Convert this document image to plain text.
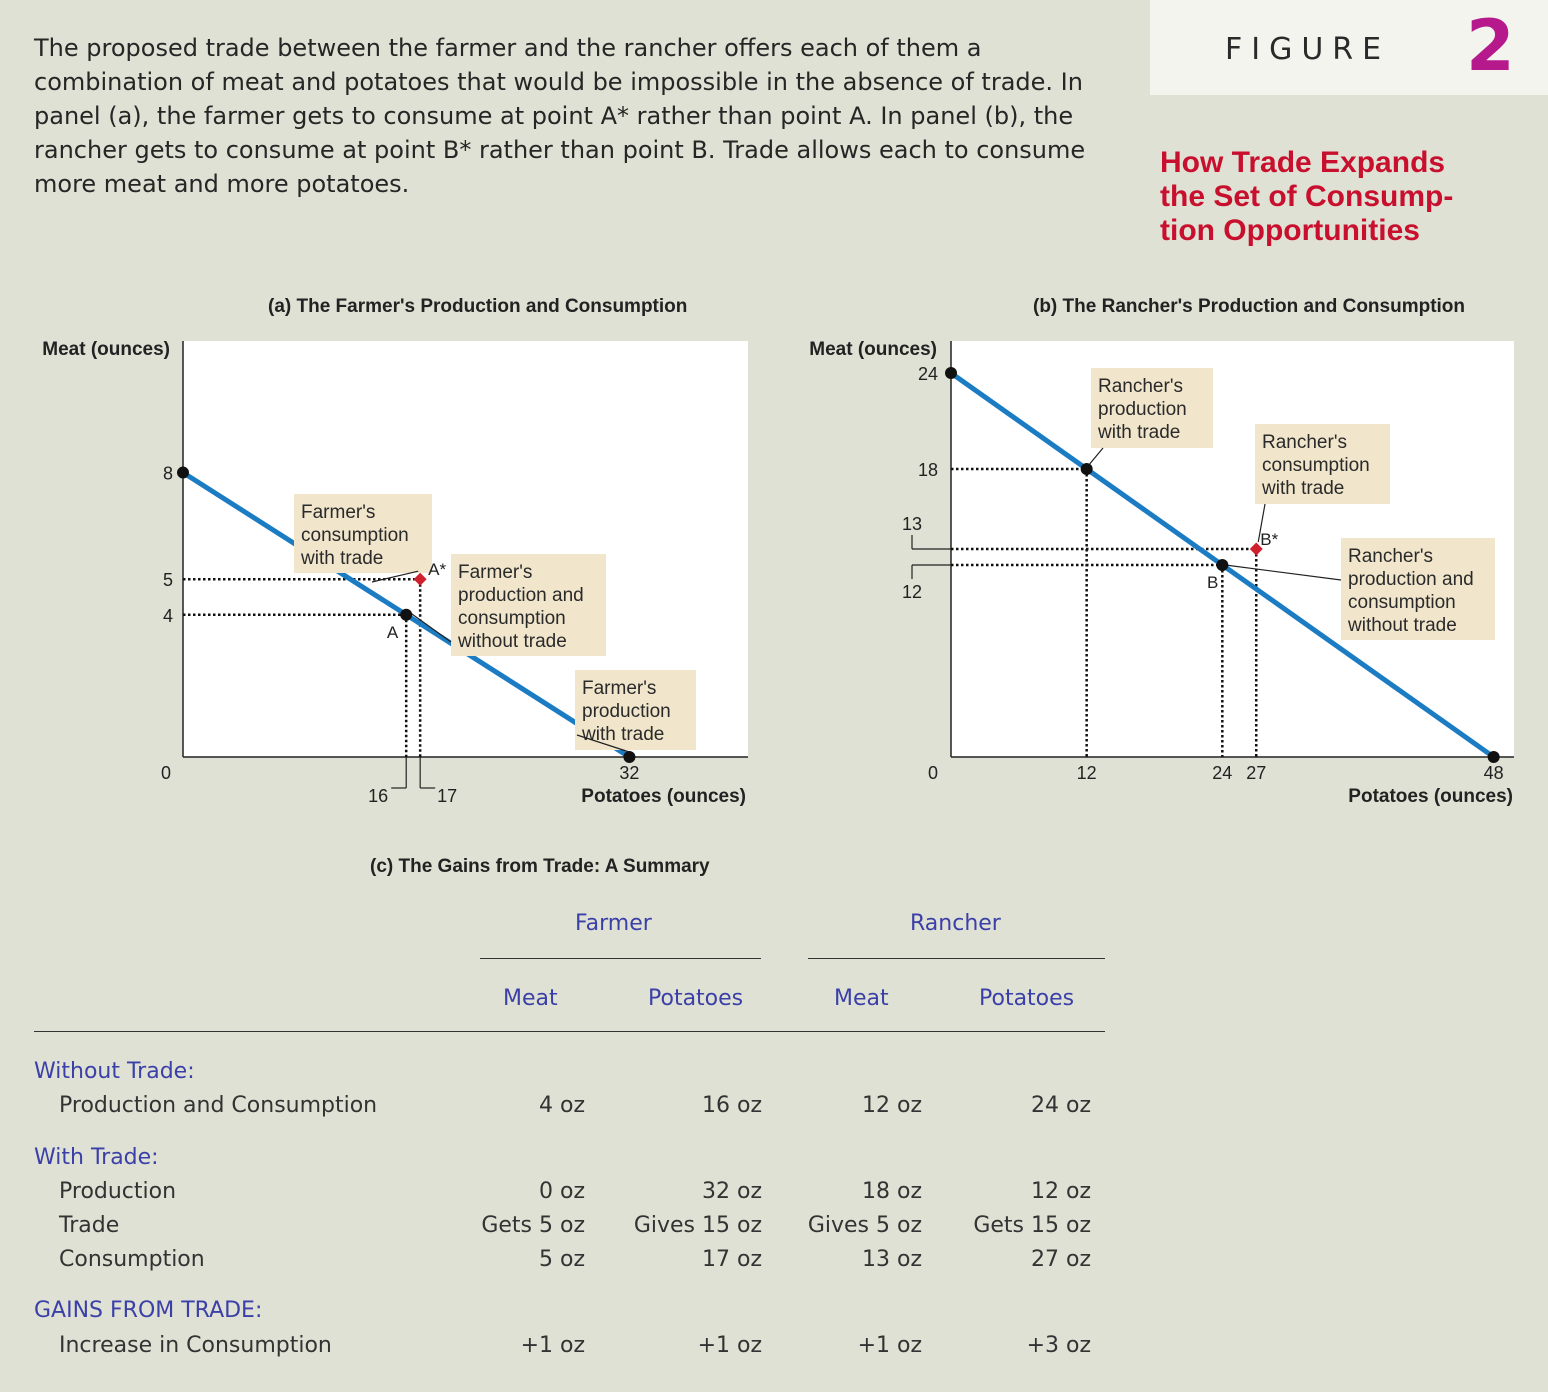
The proposed trade between the farmer and the rancher offers each of them a combination of meat and potatoes that would be impossible in the absence of trade. In panel (a), the farmer gets to consume at point A* rather than point A. In panel (b), the rancher gets to consume at point B* rather than point B. Trade allows each to consume more meat and more potatoes.
FIGURE 2
How Trade Expands
the Set of Consump-
tion Opportunities
(a) The Farmer's Production and Consumption	(b) The Rancher's Production and Consumption
Meat (ounces)
Potatoes (ounces)
0
4
5
8
16	17
32
Farmer's
consumption
with trade
Farmer's
production and
consumption
without trade
Farmer's
production
with trade
A
A*
Meat (ounces)
Potatoes (ounces)
0
13
12
18
24
12	24 27	48
Rancher's
production
with trade	Rancher's
consumption
with trade
Rancher's
production and
consumption
without trade
B
B*
(c) The Gains from Trade: A Summary
Farmer	Rancher
Meat	Potatoes	Meat	Potatoes
Without Trade:
Production and Consumption	4 oz	16 oz	12 oz	24 oz
With Trade:
Production	0 oz	32 oz	18 oz	12 oz
Trade	Gets 5 oz	Gives 15 oz	Gives 5 oz	Gets 15 oz
Consumption	5 oz	17 oz	13 oz	27 oz
GAINS FROM TRADE:
Increase in Consumption	+1 oz	+1 oz	+1 oz	+3 oz
